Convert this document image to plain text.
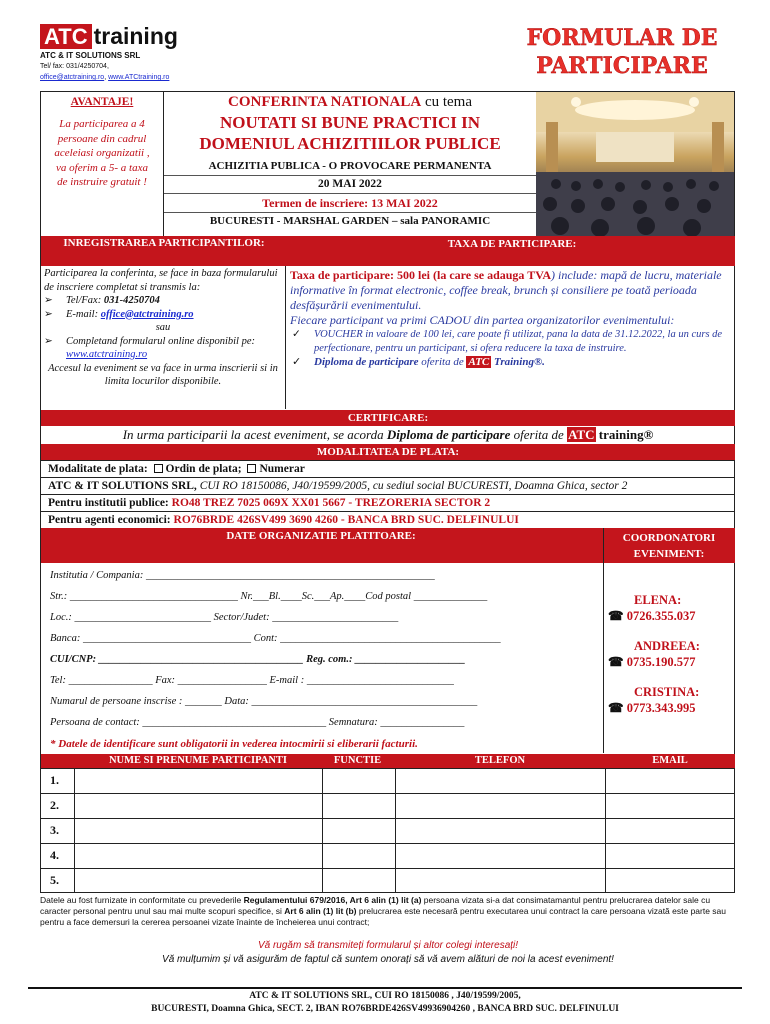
ATC training
ATC & IT SOLUTIONS SRL
Tel/ fax: 031/4250704,
office@atctraining.ro, www.ATCtraining.ro
FORMULAR DE
PARTICIPARE
AVANTAJE!
La participarea a 4 persoane din cadrul aceleiasi organizatii , va oferim a 5- a taxa de instruire gratuit !
CONFERINTA NATIONALA cu tema
NOUTATI SI BUNE PRACTICI IN
DOMENIUL ACHIZITIILOR PUBLICE
ACHIZITIA PUBLICA - O PROVOCARE PERMANENTA
20 MAI 2022
Termen de inscriere: 13 MAI 2022
BUCURESTI - MARSHAL GARDEN – sala PANORAMIC
INREGISTRAREA PARTICIPANTILOR:	TAXA DE PARTICIPARE:
Participarea la conferinta, se face in baza formularului de inscriere completat si transmis la:
➢ Tel/Fax: 031-4250704
➢ E-mail: office@atctraining.ro
sau
➢ Completand formularul online disponibil pe: www.atctraining.ro
Accesul la eveniment se va face in urma inscrierii si in limita locurilor disponibile.
Taxa de participare: 500 lei (la care se adauga TVA) include: mapă de lucru, materiale informative în format electronic, coffee break, brunch și consiliere pe toată perioada desfășurării evenimentului.
Fiecare participant va primi CADOU din partea organizatorilor evenimentului:
✓ VOUCHER in valoare de 100 lei, care poate fi utilizat, pana la data de 31.12.2022, la un curs de perfectionare, pentru un participant, si ofera reducere la taxa de instruire.
✓ Diploma de participare oferita de ATC Training®.
CERTIFICARE:
In urma participarii la acest eveniment, se acorda Diploma de participare oferita de ATC training®
MODALITATEA DE PLATA:
Modalitate de plata: Ordin de plata; Numerar
ATC & IT SOLUTIONS SRL, CUI RO 18150086, J40/19599/2005, cu sediul social BUCURESTI, Doamna Ghica, sector 2
Pentru institutii publice: RO48 TREZ 7025 069X XX01 5667 - TREZORERIA SECTOR 2
Pentru agenti economici: RO76BRDE 426SV499 3690 4260 - BANCA BRD SUC. DELFINULUI
DATE ORGANIZATIE PLATITOARE:	COORDONATORI EVENIMENT:
Institutia / Compania: _______________________________________________________
Str.: ________________________________ Nr.___Bl.____Sc.___Ap.____Cod postal ______________
Loc.: __________________________ Sector/Judet: ________________________
Banca: ________________________________ Cont: __________________________________________
CUI/CNP: _______________________________________ Reg. com.: _____________________
Tel: ________________ Fax: _________________ E-mail : ____________________________
Numarul de persoane inscrise : _______ Data: ___________________________________________
Persoana de contact: ___________________________________ Semnatura: ________________
* Datele de identificare sunt obligatorii in vederea intocmirii si eliberarii facturii.
ELENA:
☎ 0726.355.037
ANDREEA:
☎ 0735.190.577
CRISTINA:
☎ 0773.343.995
NUME SI PRENUME PARTICIPANTI	FUNCTIE	TELEFON	EMAIL
1.
2.
3.
4.
5.
Datele au fost furnizate in conformitate cu prevederile Regulamentului 679/2016, Art 6 alin (1) lit (a) persoana vizata si-a dat consimatamantul pentru prelucrarea datelor sale cu caracter personal pentru unul sau mai multe scopuri specifice, si Art 6 alin (1) lit (b) prelucrarea este necesară pentru executarea unui contract la care persoana vizată este parte sau pentru a face demersuri la cererea persoanei vizate înainte de încheierea unui contract;
Vă rugăm să transmiteți formularul și altor colegi interesați!
Vă mulțumim și vă asigurăm de faptul că suntem onorați să vă avem alături de noi la acest eveniment!
ATC & IT SOLUTIONS SRL, CUI RO 18150086 , J40/19599/2005,
BUCURESTI, Doamna Ghica, SECT. 2, IBAN RO76BRDE426SV49936904260 , BANCA BRD SUC. DELFINULUI
